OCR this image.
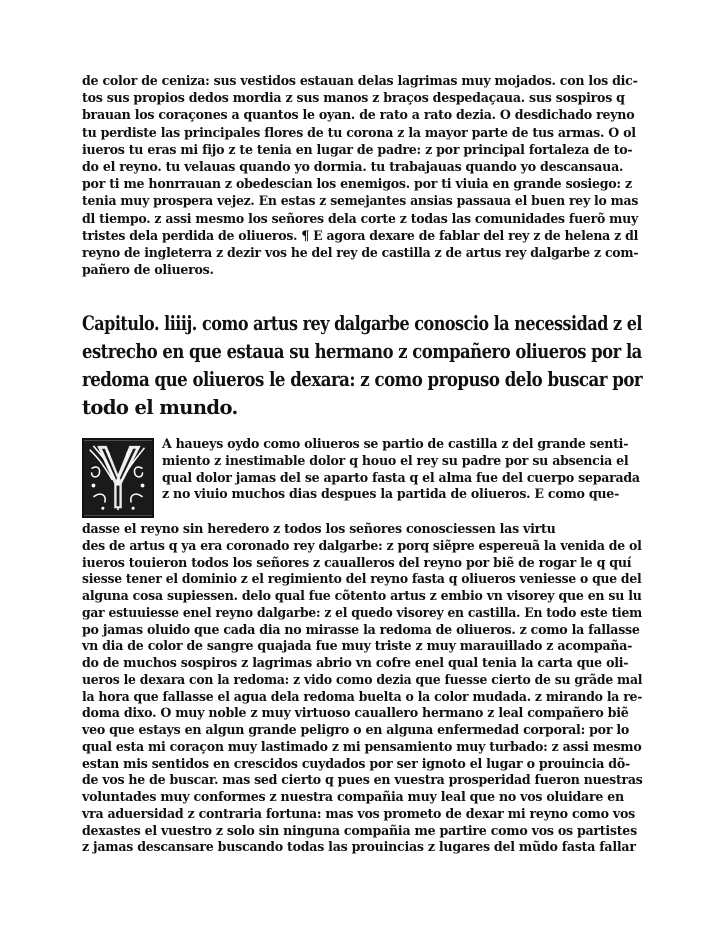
de color de ceniza: sus vestidos estauan delas lagrimas muy mojados. con los dic-
tos sus propios dedos mordia z sus manos z braços despedaçaua. sus sospiros q
brauan los coraçones a quantos le oyan. de rato a rato dezia. O desdichado reyno
tu perdiste las principales flores de tu corona z la mayor parte de tus armas. O ol
iueros tu eras mi fijo z te tenia en lugar de padre: z por principal fortaleza de to-
do el reyno. tu velauas quando yo dormia. tu trabajauas quando yo descansaua.
por ti me honrrauan z obedescian los enemigos. por ti viuia en grande sosiego: z
tenia muy prospera vejez. En estas z semejantes ansias passaua el buen rey lo mas
dl tiempo. z assi mesmo los señores dela corte z todas las comunidades fuerõ muy
tristes dela perdida de oliueros. ¶ E agora dexare de fablar del rey z de helena z dl
reyno de ingleterra z dezir vos he del rey de castilla z de artus rey dalgarbe z com-
pañero de oliueros.
Capitulo. liiij. como artus rey dalgarbe conoscio la necessidad z el
estrecho en que estaua su hermano z compañero oliueros por la
redoma que oliueros le dexara: z como propuso delo buscar por
todo el mundo.
A haueys oydo como oliueros se partio de castilla z del grande senti-
miento z inestimable dolor q houo el rey su padre por su absencia el
qual dolor jamas del se aparto fasta q el alma fue del cuerpo separada
z no viuio muchos dias despues la partida de oliueros. E como que-
dasse el reyno sin heredero z todos los señores conosciessen las virtu
des de artus q ya era coronado rey dalgarbe: z porq siẽpre espereuã la venida de ol
iueros touieron todos los señores z caualleros del reyno por biẽ de rogar le q quí
siesse tener el dominio z el regimiento del reyno fasta q oliueros veniesse o que del
alguna cosa supiessen. delo qual fue cõtento artus z embio vn visorey que en su lu
gar estuuiesse enel reyno dalgarbe: z el quedo visorey en castilla. En todo este tiem
po jamas oluido que cada dia no mirasse la redoma de oliueros. z como la fallasse
vn dia de color de sangre quajada fue muy triste z muy marauillado z acompaña-
do de muchos sospiros z lagrimas abrio vn cofre enel qual tenia la carta que oli-
ueros le dexara con la redoma: z vido como dezia que fuesse cierto de su grãde mal
la hora que fallasse el agua dela redoma buelta o la color mudada. z mirando la re-
doma dixo. O muy noble z muy virtuoso cauallero hermano z leal compañero biẽ
veo que estays en algun grande peligro o en alguna enfermedad corporal: por lo
qual esta mi coraçon muy lastimado z mi pensamiento muy turbado: z assi mesmo
estan mis sentidos en crescidos cuydados por ser ignoto el lugar o prouincia dõ-
de vos he de buscar. mas sed cierto q pues en vuestra prosperidad fueron nuestras
voluntades muy conformes z nuestra compañia muy leal que no vos oluidare en
vra aduersidad z contraria fortuna: mas vos prometo de dexar mi reyno como vos
dexastes el vuestro z solo sin ninguna compañia me partire como vos os partistes
z jamas descansare buscando todas las prouincias z lugares del mũdo fasta fallar
